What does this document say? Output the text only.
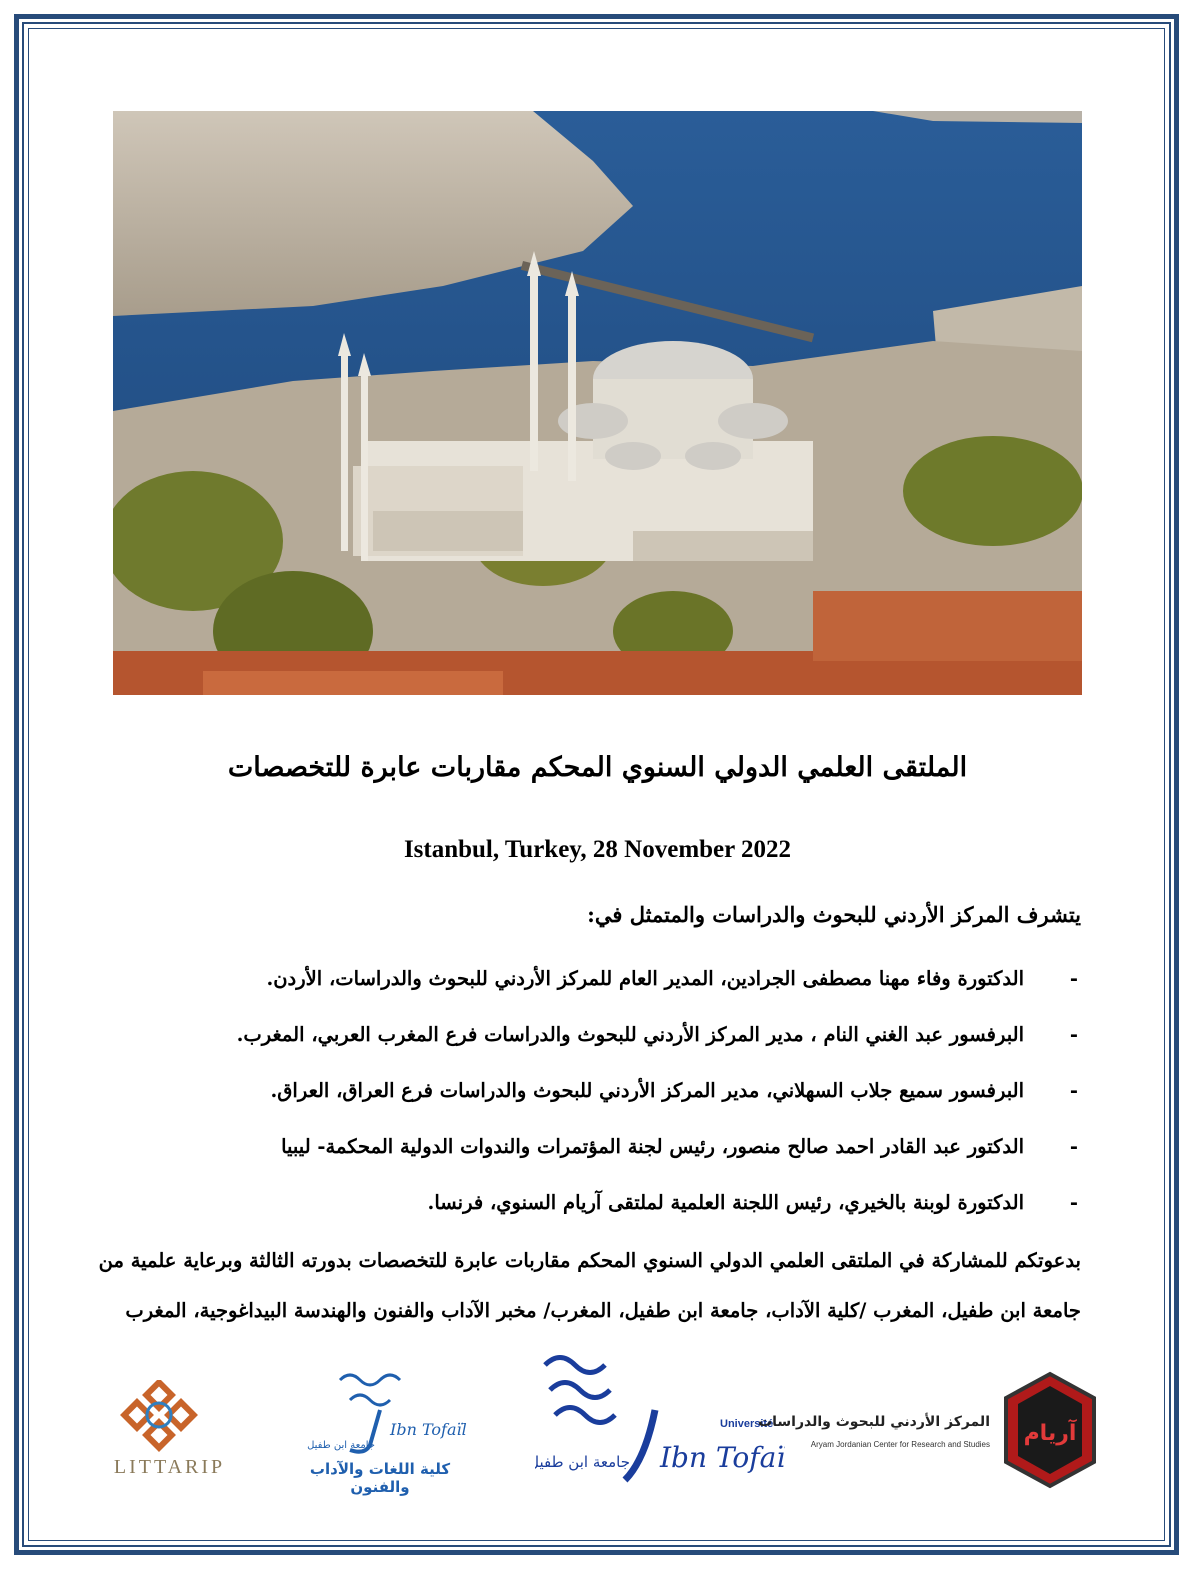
الملتقى العلمي الدولي السنوي المحكم مقاربات عابرة للتخصصات
Istanbul, Turkey, 28 November 2022
يتشرف المركز الأردني للبحوث والدراسات والمتمثل في:
-الدكتورة وفاء مهنا مصطفى الجرادين، المدير العام للمركز الأردني للبحوث والدراسات، الأردن.
-البرفسور عبد الغني النام ، مدير المركز الأردني للبحوث والدراسات فرع المغرب العربي، المغرب.
-البرفسور سميع جلاب السهلاني، مدير المركز الأردني للبحوث والدراسات فرع العراق، العراق.
-الدكتور عبد القادر احمد صالح منصور، رئيس لجنة المؤتمرات والندوات الدولية المحكمة- ليبيا
-الدكتورة لوبنة بالخيري، رئيس اللجنة العلمية لملتقى آريام السنوي، فرنسا.

بدعوتكم للمشاركة في الملتقى العلمي الدولي السنوي المحكم مقاربات عابرة للتخصصات بدورته الثالثة وبرعاية علمية من

جامعة ابن طفيل، المغرب /كلية الآداب، جامعة ابن طفيل، المغرب/ مخبر الآداب والفنون والهندسة البيداغوجية، المغرب

LITTARIP
Ibn Tofaïl
جامعة ابن طفيل
كلية اللغات والآداب والفنون
Université
Ibn Tofaïl
جامعة ابن طفيل
المركز الأردني للبحوث والدراسات
Aryam Jordanian Center for Research and Studies آريام
